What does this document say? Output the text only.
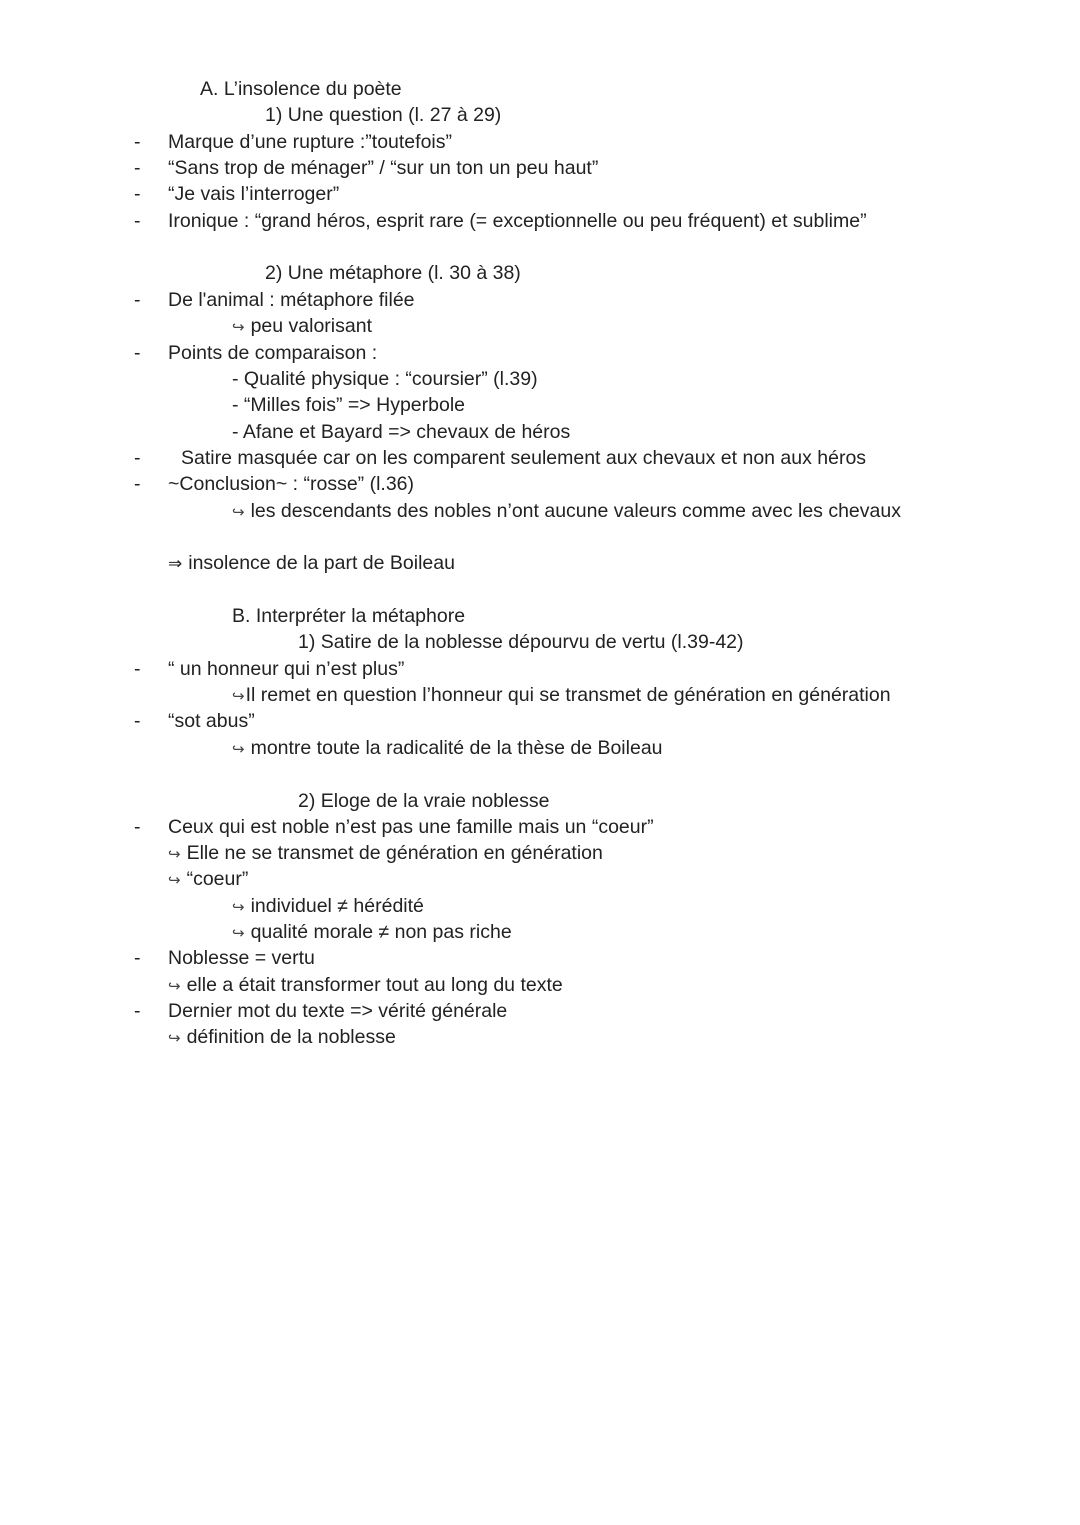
A. L’insolence du poète
1) Une question (l. 27 à 29)
- Marque d’une rupture :”toutefois”
- “Sans trop de ménager” / “sur un ton un peu haut”
- “Je vais l’interroger”
- Ironique : “grand héros, esprit rare (= exceptionnelle ou peu fréquent) et sublime”
2) Une métaphore (l. 30 à 38)
- De l'animal : métaphore filée
↪ peu valorisant
- Points de comparaison :
- Qualité physique : “coursier” (l.39)
- “Milles fois” => Hyperbole
- Afane et Bayard => chevaux de héros
- Satire masquée car on les comparent seulement aux chevaux et non aux héros
- ~Conclusion~ : “rosse” (l.36)
↪ les descendants des nobles n’ont aucune valeurs comme avec les chevaux
⇒ insolence de la part de Boileau
B. Interpréter la métaphore
1) Satire de la noblesse dépourvu de vertu (l.39-42)
- “ un honneur qui n’est plus”
↪Il remet en question l’honneur qui se transmet de génération en génération
- “sot abus”
↪ montre toute la radicalité de la thèse de Boileau
2) Eloge de la vraie noblesse
- Ceux qui est noble n’est pas une famille mais un “coeur”
↪ Elle ne se transmet de génération en génération
↪ “coeur”
↪ individuel ≠ hérédité
↪ qualité morale ≠ non pas riche
- Noblesse = vertu
↪ elle a était transformer tout au long du texte
- Dernier mot du texte => vérité générale
↪ définition de la noblesse
